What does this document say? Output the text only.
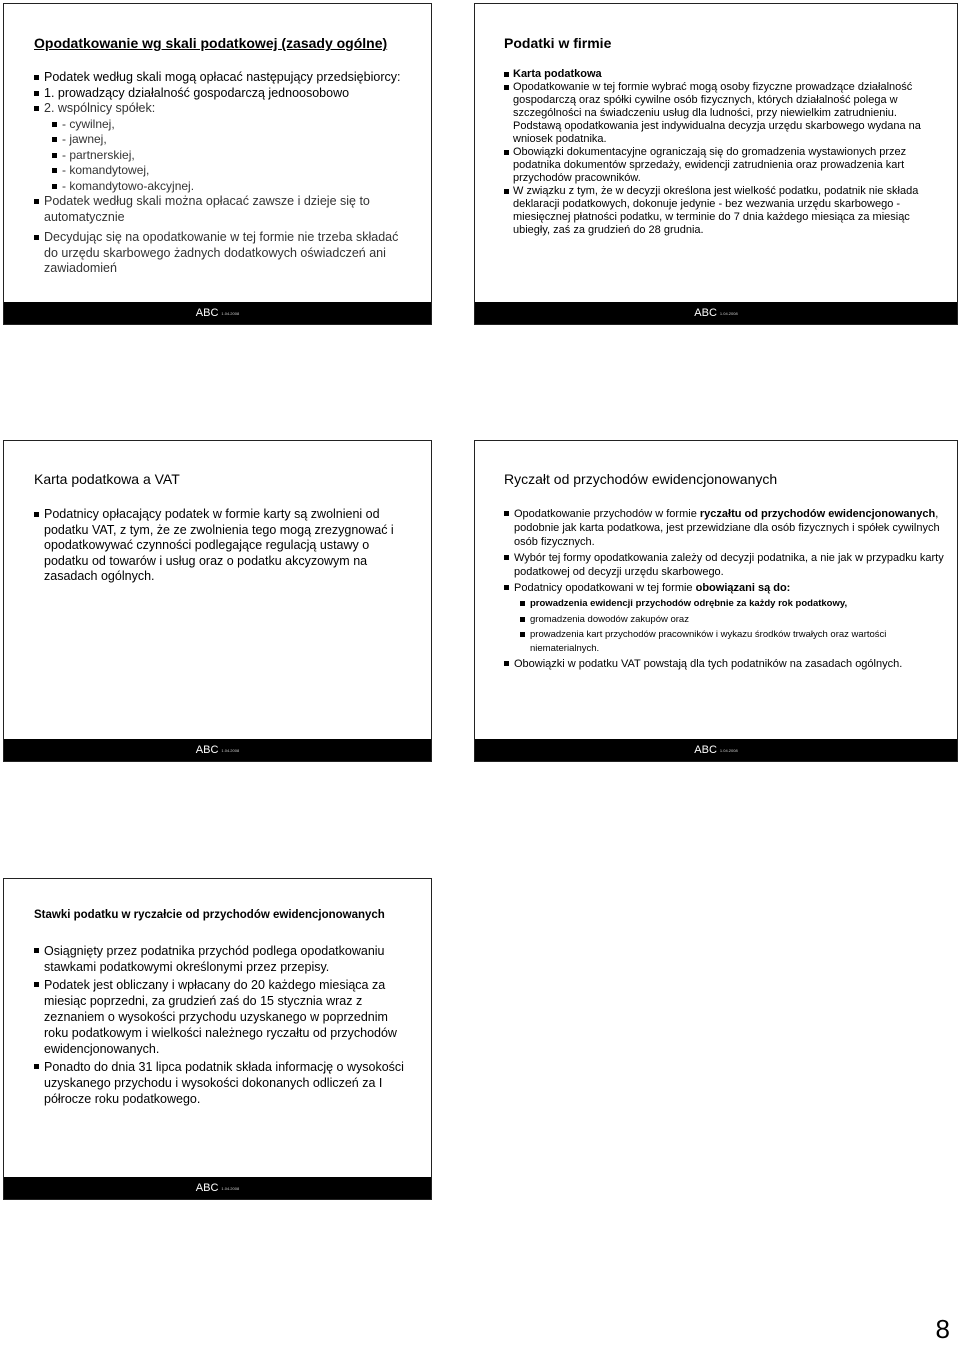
Opodatkowanie wg skali podatkowej (zasady ogólne)
Podatek według skali mogą opłacać następujący przedsiębiorcy:
1. prowadzący działalność gospodarczą jednoosobowo
2. wspólnicy spółek:
- cywilnej,
- jawnej,
- partnerskiej,
- komandytowej,
- komandytowo-akcyjnej.
Podatek według skali można opłacać zawsze i dzieje się to automatycznie
Decydując się na opodatkowanie w tej formie nie trzeba składać do urzędu skarbowego żadnych dodatkowych oświadczeń ani zawiadomień
ABC 1.04.2008
Podatki w firmie
Karta podatkowa
Opodatkowanie w tej formie wybrać mogą osoby fizyczne prowadzące działalność gospodarczą oraz spółki cywilne osób fizycznych, których działalność polega w szczególności na świadczeniu usług dla ludności, przy niewielkim zatrudnieniu. Podstawą opodatkowania jest indywidualna decyzja urzędu skarbowego wydana na wniosek podatnika.
Obowiązki dokumentacyjne ograniczają się do gromadzenia wystawionych przez podatnika dokumentów sprzedaży, ewidencji zatrudnienia oraz prowadzenia kart przychodów pracowników.
W związku z tym, że w decyzji określona jest wielkość podatku, podatnik nie składa deklaracji podatkowych, dokonuje jedynie - bez wezwania urzędu skarbowego - miesięcznej płatności podatku, w terminie do 7 dnia każdego miesiąca za miesiąc ubiegły, zaś za grudzień do 28 grudnia.
ABC 1.04.2008
Karta podatkowa a VAT
Podatnicy opłacający podatek w formie karty są zwolnieni od podatku VAT, z tym, że ze zwolnienia tego mogą zrezygnować i opodatkowywać czynności podlegające regulacją ustawy o podatku od towarów i usług oraz o podatku akcyzowym na zasadach ogólnych.
ABC 1.04.2008
Ryczałt od przychodów ewidencjonowanych
Opodatkowanie przychodów w formie ryczałtu od przychodów ewidencjonowanych, podobnie jak karta podatkowa, jest przewidziane dla osób fizycznych i spółek cywilnych osób fizycznych.
Wybór tej formy opodatkowania zależy od decyzji podatnika, a nie jak w przypadku karty podatkowej od decyzji urzędu skarbowego.
Podatnicy opodatkowani w tej formie obowiązani są do:
prowadzenia ewidencji przychodów odrębnie za każdy rok podatkowy,
gromadzenia dowodów zakupów oraz
prowadzenia kart przychodów pracowników i wykazu środków trwałych oraz wartości niematerialnych.
Obowiązki w podatku VAT powstają dla tych podatników na zasadach ogólnych.
ABC 1.04.2008
Stawki podatku w ryczałcie od przychodów ewidencjonowanych
Osiągnięty przez podatnika przychód podlega opodatkowaniu stawkami podatkowymi określonymi przez przepisy.
Podatek jest obliczany i wpłacany do 20 każdego miesiąca za miesiąc poprzedni, za grudzień zaś do 15 stycznia wraz z zeznaniem o wysokości przychodu uzyskanego w poprzednim roku podatkowym i wielkości należnego ryczałtu od przychodów ewidencjonowanych.
Ponadto do dnia 31 lipca podatnik składa informację o wysokości uzyskanego przychodu i wysokości dokonanych odliczeń za I półrocze roku podatkowego.
ABC 1.04.2008
8
